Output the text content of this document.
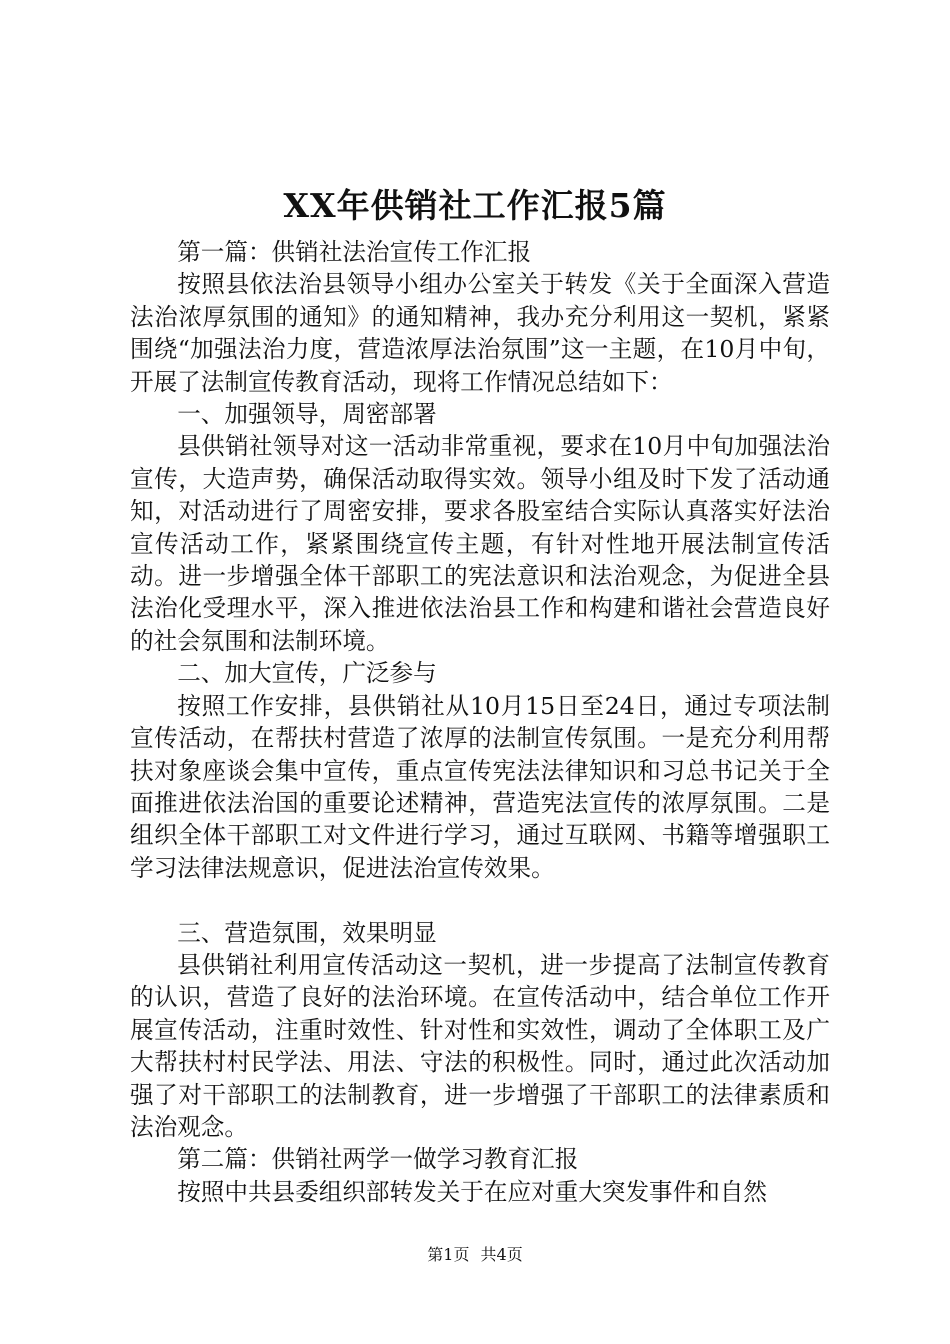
XX年供销社工作汇报5篇

第一篇：供销社法治宣传工作汇报

按照县依法治县领导小组办公室关于转发《关于全面深入营造法治浓厚氛围的通知》的通知精神，我办充分利用这一契机，紧紧围绕“加强法治力度，营造浓厚法治氛围”这一主题，在10月中旬，开展了法制宣传教育活动，现将工作情况总结如下：

一、加强领导，周密部署

县供销社领导对这一活动非常重视，要求在10月中旬加强法治宣传，大造声势，确保活动取得实效。领导小组及时下发了活动通知，对活动进行了周密安排，要求各股室结合实际认真落实好法治宣传活动工作，紧紧围绕宣传主题，有针对性地开展法制宣传活动。进一步增强全体干部职工的宪法意识和法治观念，为促进全县法治化受理水平，深入推进依法治县工作和构建和谐社会营造良好的社会氛围和法制环境。

二、加大宣传，广泛参与

按照工作安排，县供销社从10月15日至24日，通过专项法制宣传活动，在帮扶村营造了浓厚的法制宣传氛围。一是充分利用帮扶对象座谈会集中宣传，重点宣传宪法法律知识和习总书记关于全面推进依法治国的重要论述精神，营造宪法宣传的浓厚氛围。二是组织全体干部职工对文件进行学习，通过互联网、书籍等增强职工学习法律法规意识，促进法治宣传效果。

三、营造氛围，效果明显

县供销社利用宣传活动这一契机，进一步提高了法制宣传教育的认识，营造了良好的法治环境。在宣传活动中，结合单位工作开展宣传活动，注重时效性、针对性和实效性，调动了全体职工及广大帮扶村村民学法、用法、守法的积极性。同时，通过此次活动加强了对干部职工的法制教育，进一步增强了干部职工的法律素质和法治观念。

第二篇：供销社两学一做学习教育汇报

按照中共县委组织部转发关于在应对重大突发事件和自然

第1页 共4页
